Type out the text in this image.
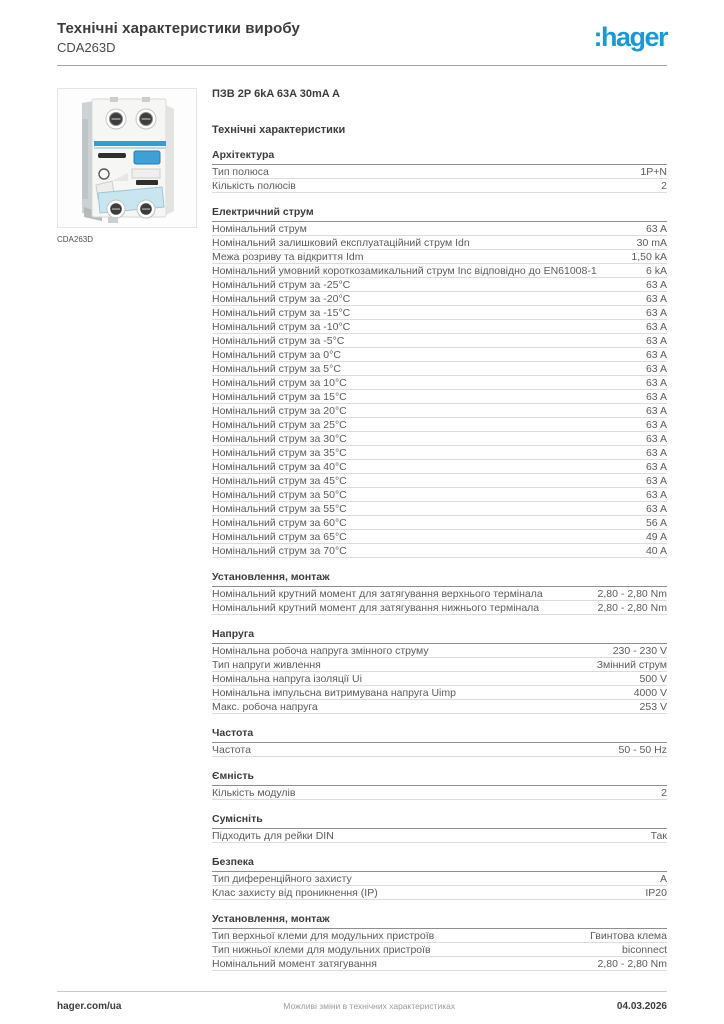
Технічні характеристики виробу
CDA263D	:hager
CDA263D
ПЗВ 2P 6kA 63A 30mA A
Технічні характеристики
Архітектура
Тип полюса	1P+N
Кількість полюсів	2
Електричний струм
Номінальний струм	63 A
Номінальний залишковий експлуатаційний струм Idn	30 mA
Межа розриву та відкриття Idm	1,50 kA
Номінальний умовний короткозамикальний струм Inc відповідно до EN61008-1	6 kA
Номінальний струм за -25°C	63 A
Номінальний струм за -20°C	63 A
Номінальний струм за -15°C	63 A
Номінальний струм за -10°C	63 A
Номінальний струм за -5°C	63 A
Номінальний струм за 0°C	63 A
Номінальний струм за 5°C	63 A
Номінальний струм за 10°C	63 A
Номінальний струм за 15°C	63 A
Номінальний струм за 20°C	63 A
Номінальний струм за 25°C	63 A
Номінальний струм за 30°C	63 A
Номінальний струм за 35°C	63 A
Номінальний струм за 40°C	63 A
Номінальний струм за 45°C	63 A
Номінальний струм за 50°C	63 A
Номінальний струм за 55°C	63 A
Номінальний струм за 60°C	56 A
Номінальний струм за 65°C	49 A
Номінальний струм за 70°C	40 A
Установлення, монтаж
Номінальний крутний момент для затягування верхнього термінала	2,80 - 2,80 Nm
Номінальний крутний момент для затягування нижнього термінала	2,80 - 2,80 Nm
Напруга
Номінальна робоча напруга змінного струму	230 - 230 V
Тип напруги живлення	Змінний струм
Номінальна напруга ізоляції Ui	500 V
Номінальна імпульсна витримувана напруга Uimp	4000 V
Макс. робоча напруга	253 V
Частота
Частота	50 - 50 Hz
Ємність
Кількість модулів	2
Сумісніть
Підходить для рейки DIN	Так
Безпека
Тип диференційного захисту	A
Клас захисту від проникнення (IP)	IP20
Установлення, монтаж
Тип верхньої клеми для модульних пристроїв	Гвинтова клема
Тип нижньої клеми для модульних пристроїв	biconnect
Номінальний момент затягування	2,80 - 2,80 Nm
hager.com/ua	Можливі зміни в технічних характеристиках	04.03.2026
